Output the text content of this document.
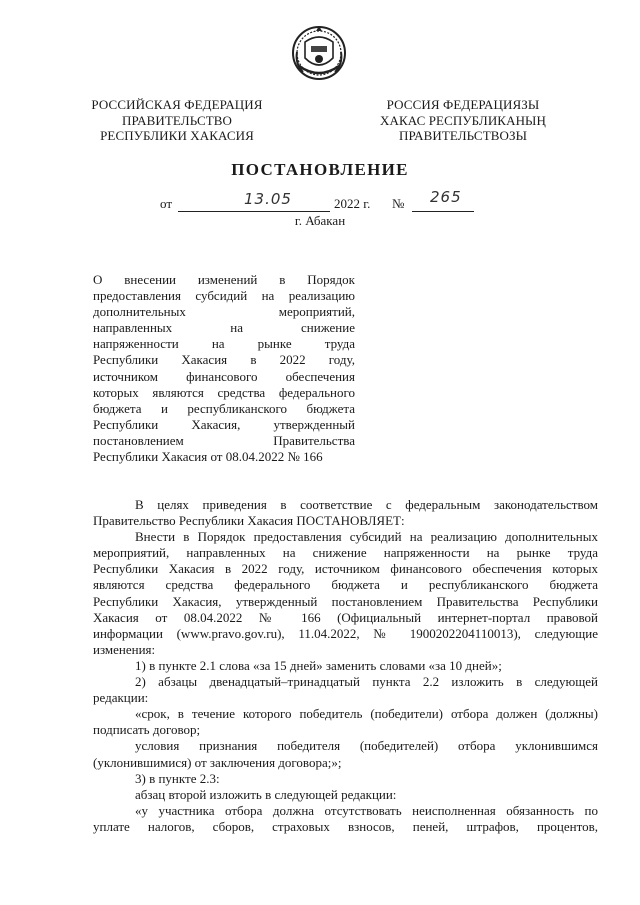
РОССИЙСКАЯ ФЕДЕРАЦИЯ
ПРАВИТЕЛЬСТВО
РЕСПУБЛИКИ ХАКАСИЯ
РОССИЯ ФЕДЕРАЦИЯЗЫ
ХАКАС РЕСПУБЛИКАНЫҢ
ПРАВИТЕЛЬСТВОЗЫ
ПОСТАНОВЛЕНИЕ
от	13.05	2022 г. № 265
г. Абакан
О внесении изменений в Порядок
предоставления субсидий на реализацию
дополнительных мероприятий,
направленных на снижение
напряженности на рынке труда
Республики Хакасия в 2022 году,
источником финансового обеспечения
которых являются средства федерального
бюджета и республиканского бюджета
Республики Хакасия, утвержденный
постановлением Правительства
Республики Хакасия от 08.04.2022 № 166
В целях приведения в соответствие с федеральным законодательством
Правительство Республики Хакасия ПОСТАНОВЛЯЕТ:
Внести в Порядок предоставления субсидий на реализацию дополнительных
мероприятий, направленных на снижение напряженности на рынке труда
Республики Хакасия в 2022 году, источником финансового обеспечения которых
являются средства федерального бюджета и республиканского бюджета
Республики Хакасия, утвержденный постановлением Правительства Республики
Хакасия от 08.04.2022 № 166 (Официальный интернет-портал правовой
информации (www.pravo.gov.ru), 11.04.2022, № 1900202204110013), следующие
изменения:
1) в пункте 2.1 слова «за 15 дней» заменить словами «за 10 дней»;
2) абзацы двенадцатый–тринадцатый пункта 2.2 изложить в следующей
редакции:
«срок, в течение которого победитель (победители) отбора должен (должны)
подписать договор;
условия признания победителя (победителей) отбора уклонившимся
(уклонившимися) от заключения договора;»;
3) в пункте 2.3:
абзац второй изложить в следующей редакции:
«у участника отбора должна отсутствовать неисполненная обязанность по
уплате налогов, сборов, страховых взносов, пеней, штрафов, процентов,
